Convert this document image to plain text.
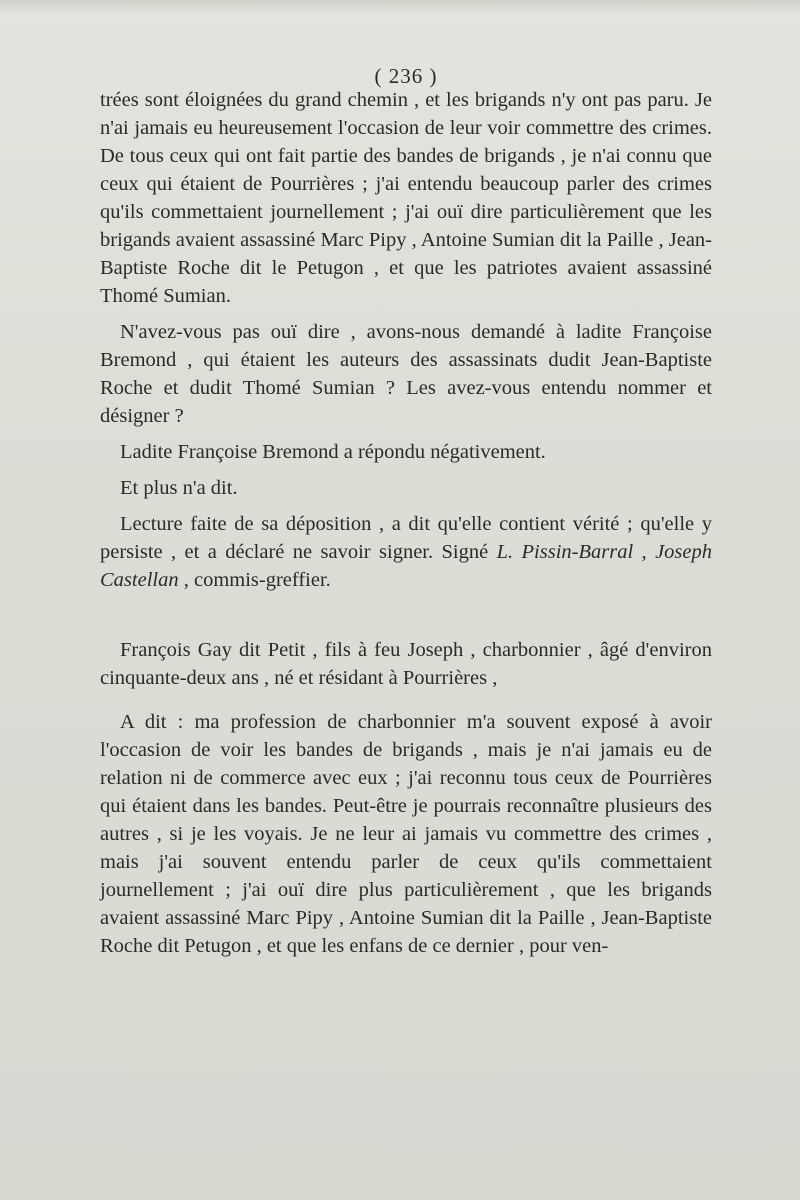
( 236 )

trées sont éloignées du grand chemin , et les brigands n'y ont pas paru. Je n'ai jamais eu heureusement l'occasion de leur voir commettre des crimes. De tous ceux qui ont fait partie des bandes de brigands , je n'ai connu que ceux qui étaient de Pourrières ; j'ai entendu beaucoup parler des crimes qu'ils commettaient journellement ; j'ai ouï dire particulièrement que les brigands avaient assassiné Marc Pipy , Antoine Sumian dit la Paille , Jean-Baptiste Roche dit le Petugon , et que les patriotes avaient assassiné Thomé Sumian.

N'avez-vous pas ouï dire , avons-nous demandé à ladite Françoise Bremond , qui étaient les auteurs des assassinats dudit Jean-Baptiste Roche et dudit Thomé Sumian ? Les avez-vous entendu nommer et désigner ?

Ladite Françoise Bremond a répondu négativement.

Et plus n'a dit.

Lecture faite de sa déposition , a dit qu'elle contient vérité ; qu'elle y persiste , et a déclaré ne savoir signer. Signé L. Pissin-Barral , Joseph Castellan , commis-greffier.

François Gay dit Petit , fils à feu Joseph , charbonnier , âgé d'environ cinquante-deux ans , né et résidant à Pourrières ,

A dit : ma profession de charbonnier m'a souvent exposé à avoir l'occasion de voir les bandes de brigands , mais je n'ai jamais eu de relation ni de commerce avec eux ; j'ai reconnu tous ceux de Pourrières qui étaient dans les bandes. Peut-être je pourrais reconnaître plusieurs des autres , si je les voyais. Je ne leur ai jamais vu commettre des crimes , mais j'ai souvent entendu parler de ceux qu'ils commettaient journellement ; j'ai ouï dire plus particulièrement , que les brigands avaient assassiné Marc Pipy , Antoine Sumian dit la Paille , Jean-Baptiste Roche dit Petugon , et que les enfans de ce dernier , pour ven-
